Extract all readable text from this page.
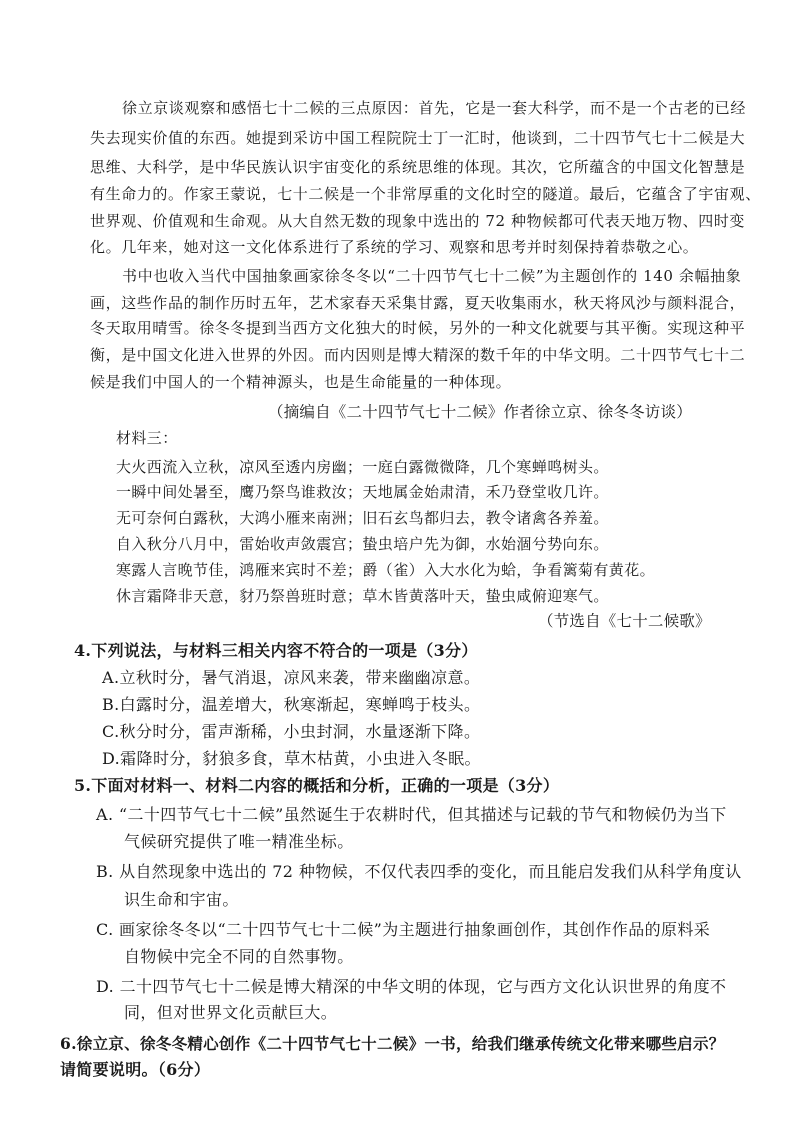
徐立京谈观察和感悟七十二候的三点原因：首先，它是一套大科学，而不是一个古老的已经
失去现实价值的东西。她提到采访中国工程院院士丁一汇时，他谈到，二十四节气七十二候是大
思维、大科学，是中华民族认识宇宙变化的系统思维的体现。其次，它所蕴含的中国文化智慧是
有生命力的。作家王蒙说，七十二候是一个非常厚重的文化时空的隧道。最后，它蕴含了宇宙观、
世界观、价值观和生命观。从大自然无数的现象中选出的 72 种物候都可代表天地万物、四时变
化。几年来，她对这一文化体系进行了系统的学习、观察和思考并时刻保持着恭敬之心。
书中也收入当代中国抽象画家徐冬冬以“二十四节气七十二候”为主题创作的 140 余幅抽象
画，这些作品的制作历时五年，艺术家春天采集甘露，夏天收集雨水，秋天将风沙与颜料混合，
冬天取用晴雪。徐冬冬提到当西方文化独大的时候，另外的一种文化就要与其平衡。实现这种平
衡，是中国文化进入世界的外因。而内因则是博大精深的数千年的中华文明。二十四节气七十二
候是我们中国人的一个精神源头，也是生命能量的一种体现。
（摘编自《二十四节气七十二候》作者徐立京、徐冬冬访谈）
材料三：
大火西流入立秋，凉风至透内房幽；一庭白露微微降，几个寒蝉鸣树头。
一瞬中间处暑至，鹰乃祭鸟谁救汝；天地属金始肃清，禾乃登堂收几许。
无可奈何白露秋，大鸿小雁来南洲；旧石玄鸟都归去，教令诸禽各养羞。
自入秋分八月中，雷始收声敛震宫；蛰虫培户先为御，水始涸兮势向东。
寒露人言晚节佳，鸿雁来宾时不差；爵（雀）入大水化为蛤，争看篱菊有黄花。
休言霜降非天意，豺乃祭兽班时意；草木皆黄落叶天，蛰虫咸俯迎寒气。
（节选自《七十二候歌》
4.下列说法，与材料三相关内容不符合的一项是（3分）
A.立秋时分，暑气消退，凉风来袭，带来幽幽凉意。
B.白露时分，温差增大，秋寒渐起，寒蝉鸣于枝头。
C.秋分时分，雷声渐稀，小虫封洞，水量逐渐下降。
D.霜降时分，豺狼多食，草木枯黄，小虫进入冬眠。
5.下面对材料一、材料二内容的概括和分析，正确的一项是（3分）
A. “二十四节气七十二候”虽然诞生于农耕时代，但其描述与记载的节气和物候仍为当下
气候研究提供了唯一精准坐标。
B. 从自然现象中选出的 72 种物候，不仅代表四季的变化，而且能启发我们从科学角度认
识生命和宇宙。
C. 画家徐冬冬以“二十四节气七十二候”为主题进行抽象画创作，其创作作品的原料采
自物候中完全不同的自然事物。
D. 二十四节气七十二候是博大精深的中华文明的体现，它与西方文化认识世界的角度不
同，但对世界文化贡献巨大。
6.徐立京、徐冬冬精心创作《二十四节气七十二候》一书，给我们继承传统文化带来哪些启示？
请简要说明。（6分）
